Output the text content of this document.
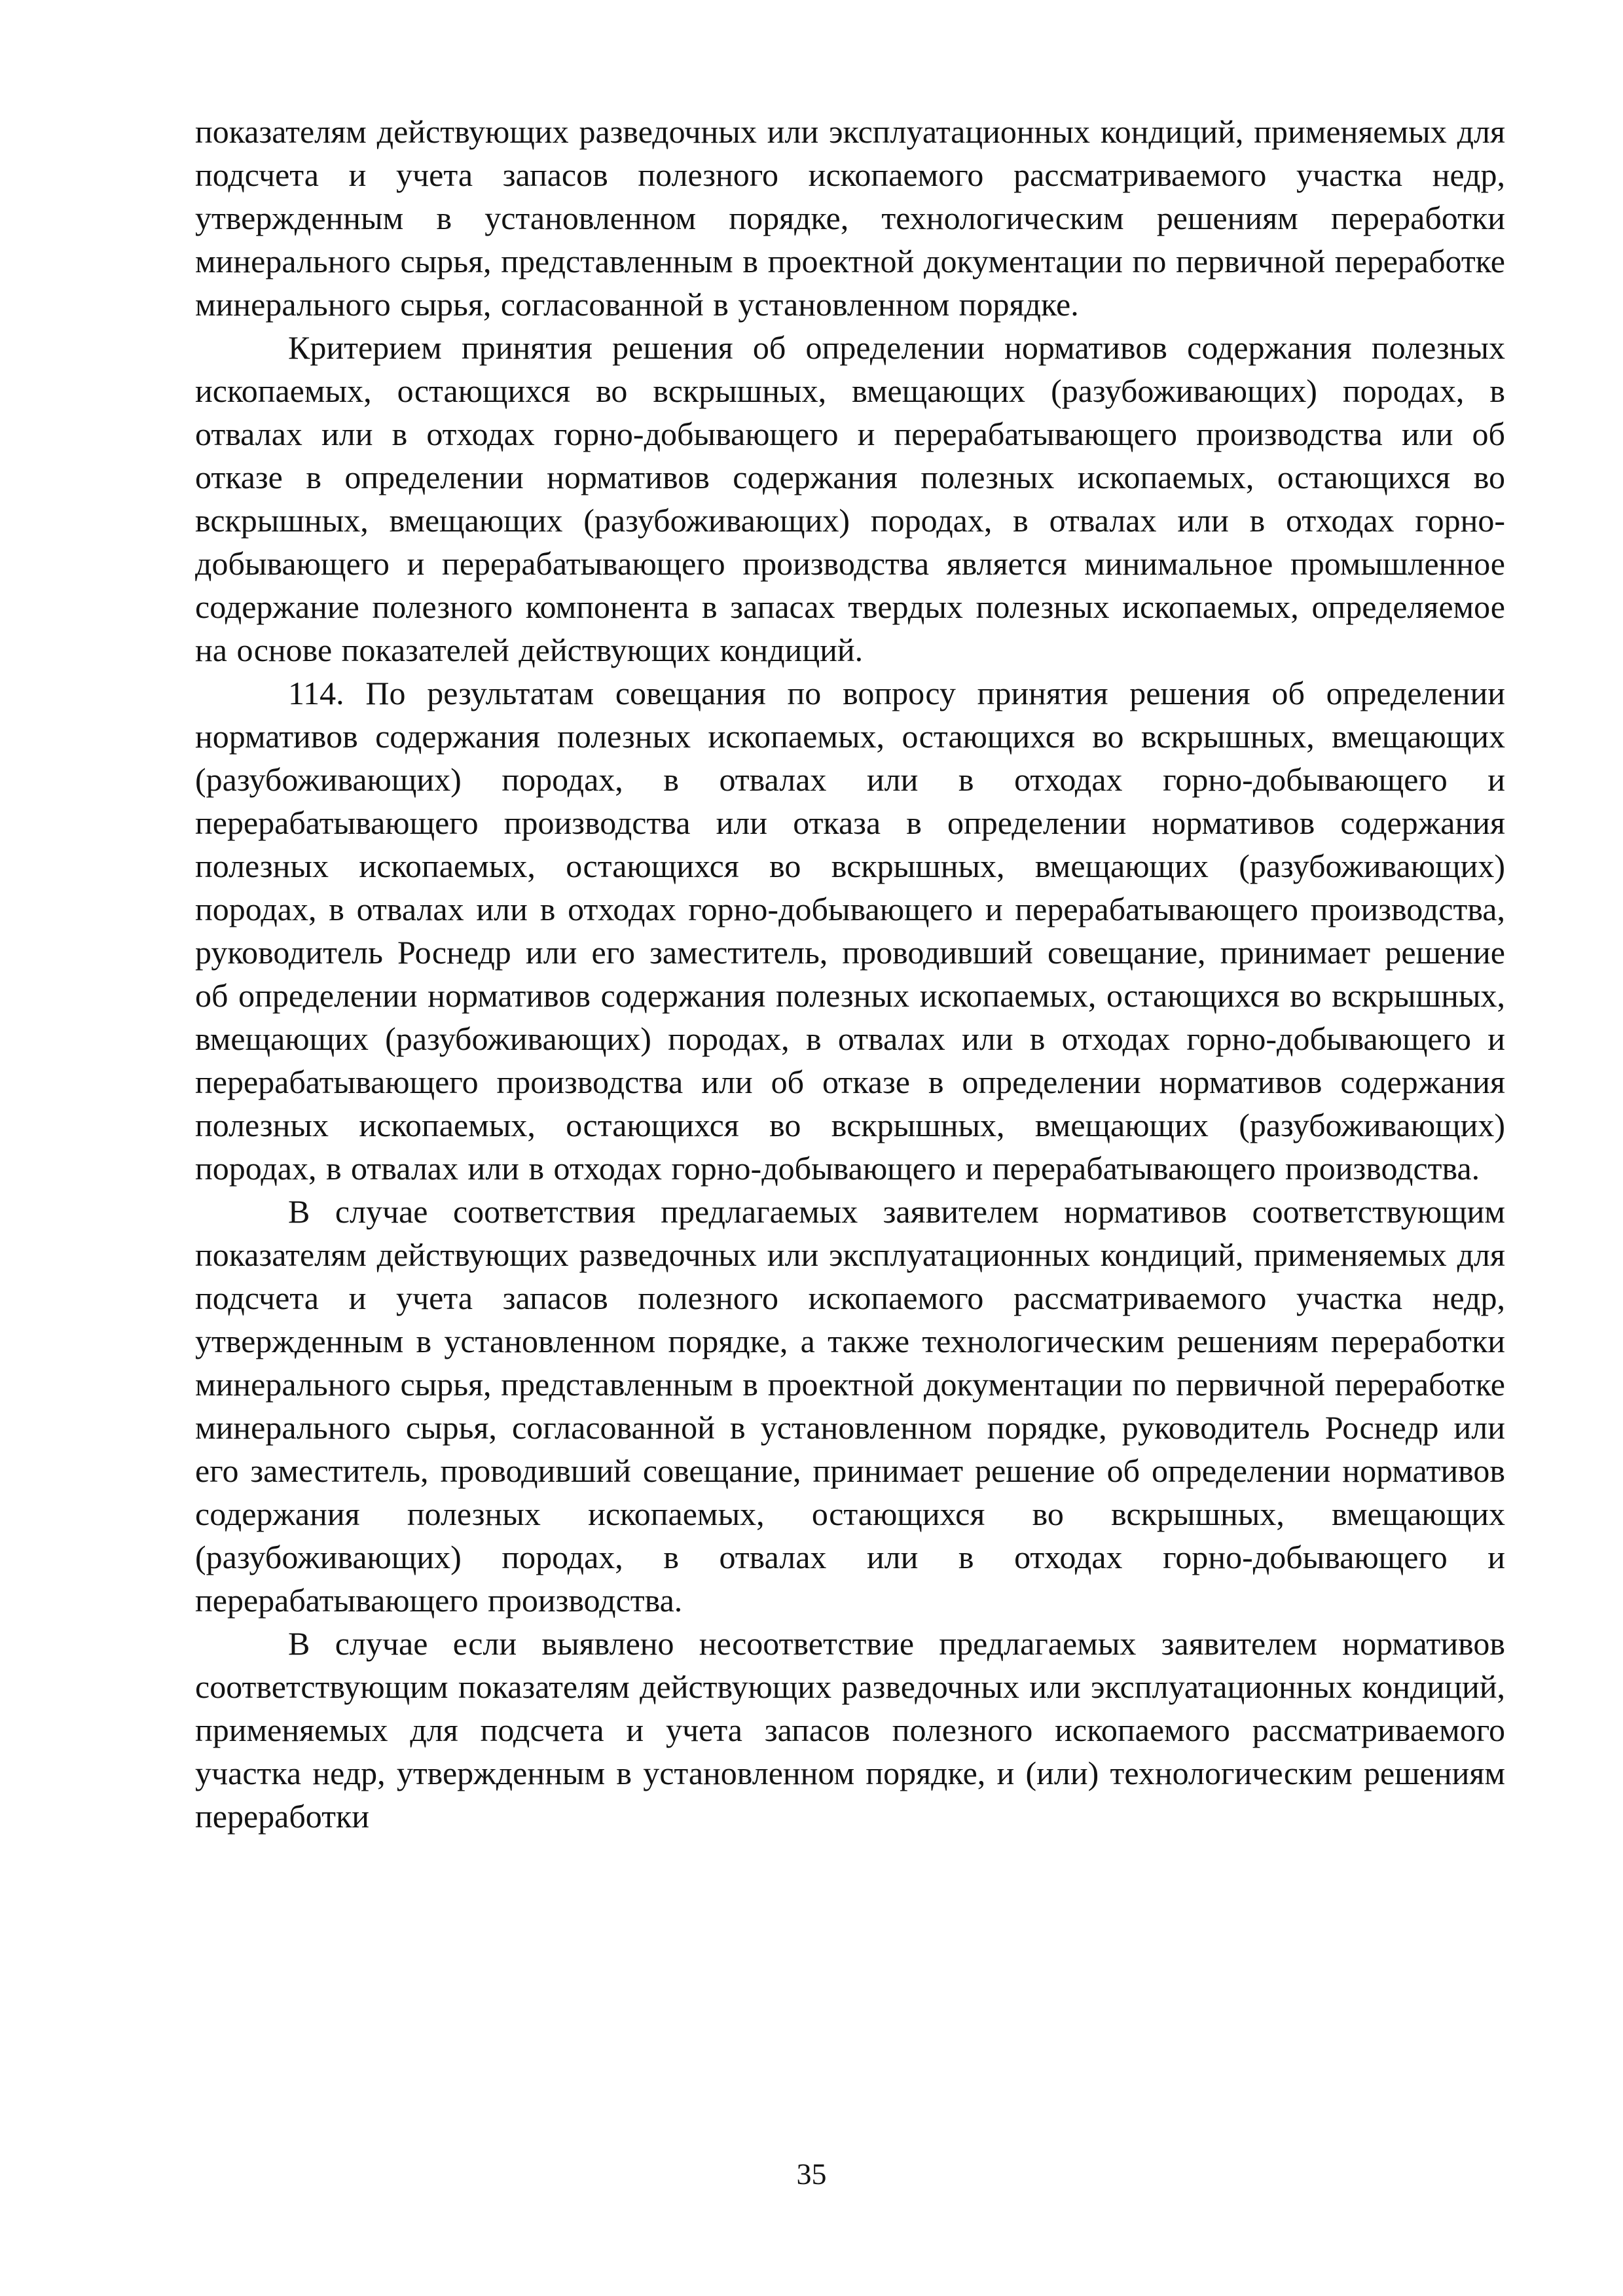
показателям действующих разведочных или эксплуатационных кондиций, применяемых для подсчета и учета запасов полезного ископаемого рассматриваемого участка недр, утвержденным в установленном порядке, технологическим решениям переработки минерального сырья, представленным в проектной документации по первичной переработке минерального сырья, согласованной в установленном порядке.

Критерием принятия решения об определении нормативов содержания полезных ископаемых, остающихся во вскрышных, вмещающих (разубоживающих) породах, в отвалах или в отходах горно-добывающего и перерабатывающего производства или об отказе в определении нормативов содержания полезных ископаемых, остающихся во вскрышных, вмещающих (разубоживающих) породах, в отвалах или в отходах горно-добывающего и перерабатывающего производства является минимальное промышленное содержание полезного компонента в запасах твердых полезных ископаемых, определяемое на основе показателей действующих кондиций.

114. По результатам совещания по вопросу принятия решения об определении нормативов содержания полезных ископаемых, остающихся во вскрышных, вмещающих (разубоживающих) породах, в отвалах или в отходах горно-добывающего и перерабатывающего производства или отказа в определении нормативов содержания полезных ископаемых, остающихся во вскрышных, вмещающих (разубоживающих) породах, в отвалах или в отходах горно-добывающего и перерабатывающего производства, руководитель Роснедр или его заместитель, проводивший совещание, принимает решение об определении нормативов содержания полезных ископаемых, остающихся во вскрышных, вмещающих (разубоживающих) породах, в отвалах или в отходах горно-добывающего и перерабатывающего производства или об отказе в определении нормативов содержания полезных ископаемых, остающихся во вскрышных, вмещающих (разубоживающих) породах, в отвалах или в отходах горно-добывающего и перерабатывающего производства.

В случае соответствия предлагаемых заявителем нормативов соответствующим показателям действующих разведочных или эксплуатационных кондиций, применяемых для подсчета и учета запасов полезного ископаемого рассматриваемого участка недр, утвержденным в установленном порядке, а также технологическим решениям переработки минерального сырья, представленным в проектной документации по первичной переработке минерального сырья, согласованной в установленном порядке, руководитель Роснедр или его заместитель, проводивший совещание, принимает решение об определении нормативов содержания полезных ископаемых, остающихся во вскрышных, вмещающих (разубоживающих) породах, в отвалах или в отходах горно-добывающего и перерабатывающего производства.

В случае если выявлено несоответствие предлагаемых заявителем нормативов соответствующим показателям действующих разведочных или эксплуатационных кондиций, применяемых для подсчета и учета запасов полезного ископаемого рассматриваемого участка недр, утвержденным в установленном порядке, и (или) технологическим решениям переработки

35
